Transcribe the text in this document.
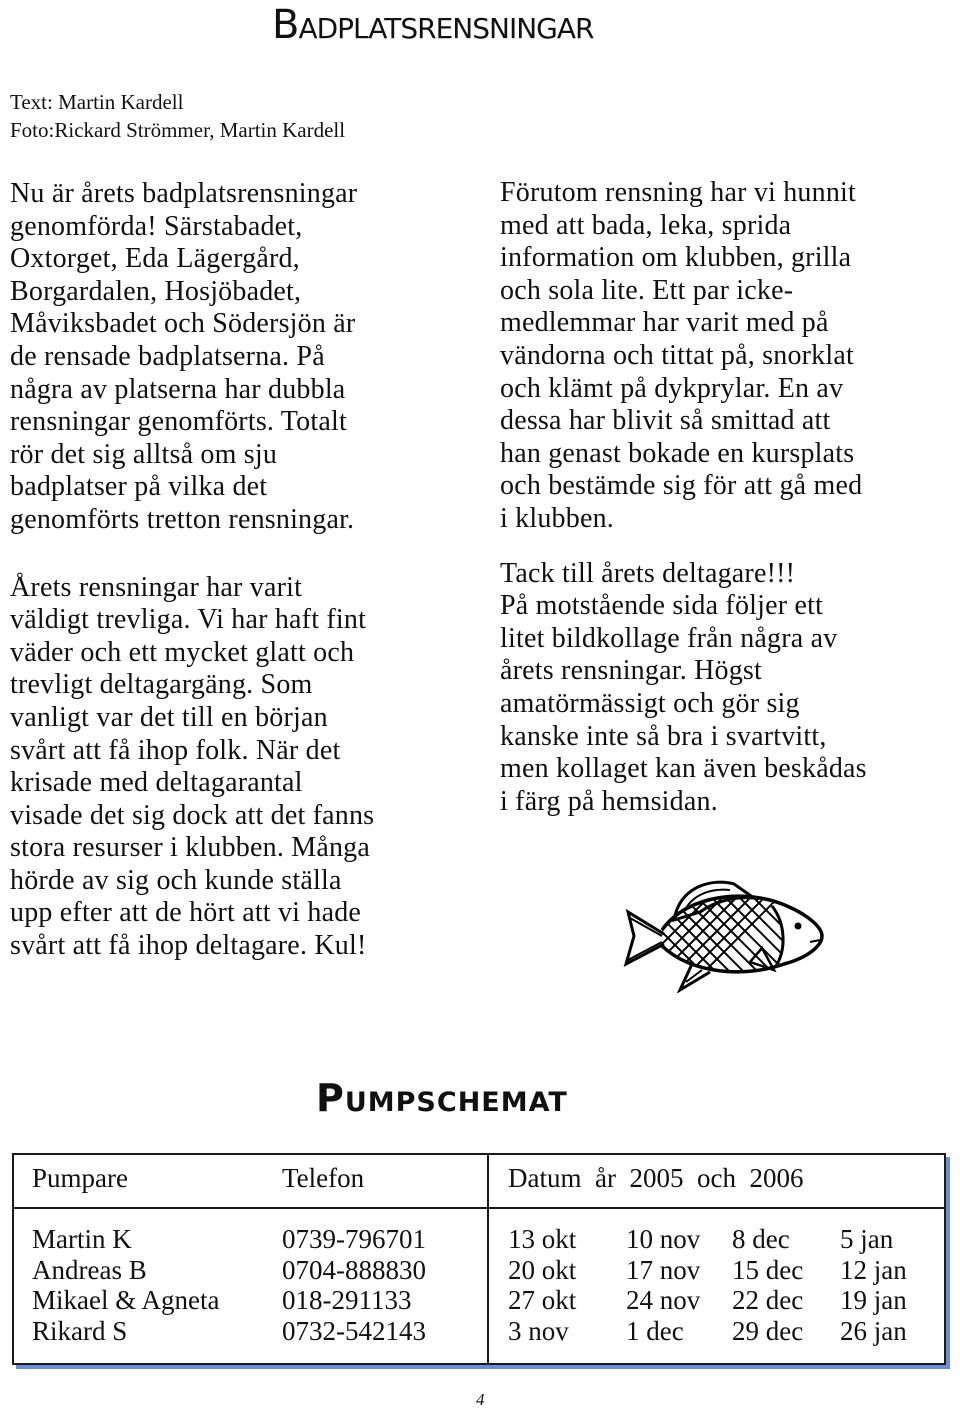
Badplatsrensningar
Text: Martin Kardell
Foto:Rickard Strömmer, Martin Kardell

Nu är årets badplatsrensningar
genomförda! Särstabadet,
Oxtorget, Eda Lägergård,
Borgardalen, Hosjöbadet,
Måviksbadet och Södersjön är
de rensade badplatserna. På
några av platserna har dubbla
rensningar genomförts. Totalt
rör det sig alltså om sju
badplatser på vilka det
genomförts tretton rensningar.

Årets rensningar har varit
väldigt trevliga. Vi har haft fint
väder och ett mycket glatt och
trevligt deltagargäng. Som
vanligt var det till en början
svårt att få ihop folk. När det
krisade med deltagarantal
visade det sig dock att det fanns
stora resurser i klubben. Många
hörde av sig och kunde ställa
upp efter att de hört att vi hade
svårt att få ihop deltagare. Kul!

Förutom rensning har vi hunnit
med att bada, leka, sprida
information om klubben, grilla
och sola lite. Ett par icke-
medlemmar har varit med på
vändorna och tittat på, snorklat
och klämt på dykprylar. En av
dessa har blivit så smittad att
han genast bokade en kursplats
och bestämde sig för att gå med
i klubben.

Tack till årets deltagare!!!
På motstående sida följer ett
litet bildkollage från några av
årets rensningar. Högst
amatörmässigt och gör sig
kanske inte så bra i svartvitt,
men kollaget kan även beskådas
i färg på hemsidan.

Pumpschemat
Pumpare	Telefon	Datum  år  2005  och  2006
Martin K	0739-796701	13 okt 10 nov 8 dec 5 jan
Andreas B	0704-888830	20 okt 17 nov 15 dec 12 jan
Mikael & Agneta 018-291133	27 okt 24 nov 22 dec 19 jan
Rikard S	0732-542143	3 nov 1 dec 29 dec 26 jan
4
